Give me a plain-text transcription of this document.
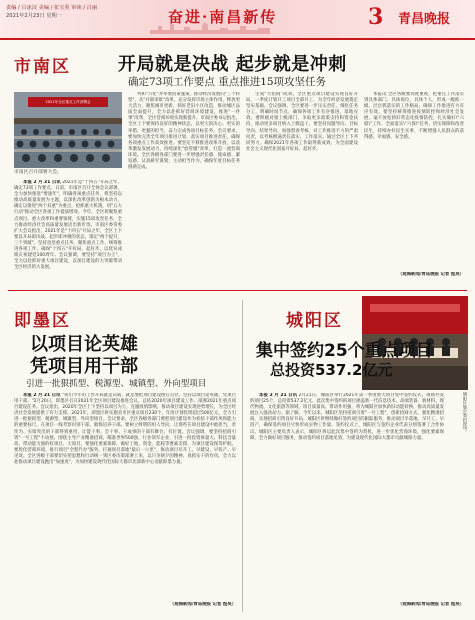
责编 / 吕冰汉 美编 / 张宝英 审读 / 吕丽
2021年2月23日 星期一	奋进·南昌新传	3 青昌晚报
市南区	开局就是决战 起步就是冲刺
确定73项工作要点 重点推进15项攻坚任务
2021年全区重点工作部署会
市南区召开部署大会。

本报 2 月 21 日讯 2021年是"十四五"开局之年，确定73项工作要点，日前，市南区召开全体会议部署，全力加快推进"增速年"，明确各项重点任务，将坚持以推动高质量发展为主题，以深化改革创新为根本动力，确定以推进"两个双重"为重点，抢抓重大机遇，用"五大行动"推动全区各项工作提质增效。今年，全区将聚焦重点项目、重大改革和重要领域，实施15项攻坚任务，全力推动经济社会高质量发展迈出新步伐。市南区委常委扩大会议指出，2021年是"十四五"开局之年，全区上下要以开局即决战、起步即冲刺的状态，锚定"两个提升、三个突破"，坚持攻坚重点任务、聚焦重点工作、统筹推进各项工作，确保"十四五"开好局、起好步，以优异成绩庆祝建党100周年。会议强调，要坚持"项目为王"，全力以赴抓好重大项目建设，以项目建设的大突破带动全区经济的大发展。

列和"六化"并举要因策施策，推动经济发展向"三个转型"，从"并联审批"改革，充分发挥市场主体作用，释放更大活力，聚焦城市更新，抓好老旧小区改造，推动城区品质全面提升，全力以赴抓好营商环境建设，推进"一件事"改革，全区营商环境实现新提升。市南区委书记指出，全区上下要保持良好的精神状态，以更大的决心、更实的举措、更强的担当，奋力完成各项目标任务。会议要求，要加快完善全年项目推进计划，落实项目推进责任，确保各项重点工作高效推进。要坚定不移推进改革开放，以改革激发发展动力，持续深化"放管服"改革，打造一流营商环境。全区各级各部门要进一步增强责任感、使命感、紧迫感，认真研究谋划，主动担当作为，确保年度目标任务圆满完成。

生成"大招商"成效。全区重点项目建设实现良好开局，一季度计划开工项目全部开工，为全年经济发展奠定坚实基础。会议强调，全区要进一步压实责任，细化任务分工，明确时间节点，确保各项工作有序推进、落地见效。要积极对接上级部门，争取更多政策支持和资金扶持，推动更多项目纳入上级盘子。要坚持问题导向、目标导向、结果导向，加强督查考核，对工作推进不力的严肃问责，以考核倒逼责任落实、工作落实。通过全区上下共同努力，确保2021年各项工作取得新成效，为全面建设社会主义现代化国家开好局、起好步。

本报讯 全区各级要高度重视，把重点工作落实到具体部门、具体岗位、具体个人，形成一级抓一级、层层抓落实的工作格局，确保工作推进有力有序有效。要坚持统筹推进疫情防控和经济社会发展，毫不放松抓好常态化疫情防控，扎实做好\"六稳\"工作、全面落实\"六保\"任务，切实保障和改善民生，持续办好民生实事，不断增强人民群众的获得感、幸福感、安全感。

（观海新闻/青岛晚报 记者 程昊）
即墨区
以项目论英雄
凭项目用干部
引进一批狠抓型、税源型、城镇型、外向型项目

本报 2 月 21 日讯 "我们今年的工作开局就是决战，就是要把项目建设摆在首位，坚持以项目论英雄，凭项目用干部。"2月20日，即墨区召开2021年全区项目建设推进会议，总结2020年项目建设工作，部署2021年重点项目建设任务。会议指出，2020年全区上下坚持以项目为王，克服疫情影响，推动项目建设实现逆势增长，为全区经济社会发展提供了有力支撑。2021年，即墨区将实施省市区重点项目230个，年度计划投资超过500亿元，全力引进一批狠抓型、税源型、城镇型、外向型项目。会议要求，全区各级各部门要把项目建设作为检验干部作风和能力的重要标尺，在项目一线考察识别干部、锻炼培养干部。要树立鲜明的用人导向，让那些在项目建设中敢担当、善作为、实绩突出的干部得到重用，让能干事、会干事、干成事的干部有舞台、有位置。会议强调，要坚持招商引资"一号工程"不动摇，围绕主导产业精准招商，瞄准世界500强、行业领军企业，引进一批投资体量大、科技含量高、带动能力强的好项目、大项目。要强化要素保障，做好土地、资金、能耗等要素支撑，为项目建设保驾护航。要优化营商环境，推行项目"全程代办"服务，打通项目落地"最后一公里"，推动项目早开工、早建设、早投产、早见效。全区各级干部要切实把思想和行动统一到区委决策部署上来，以只争朝夕的精神、真抓实干的作风，全力以赴推动项目建设跑出"加速度"，为加快建设现代化国际大都市北部新中心贡献即墨力量。

（观海新闻/青岛晚报 记者 程昊）
城阳区
城阳区集中签约现场。
集中签约25个重点项目
总投资537.2亿元

本报 2 月 21 日讯 2月21日，城阳区举行2021年第一季度重大项目集中签约仪式，现场共签约项目25个，总投资537.2亿元。此次集中签约的项目涵盖新一代信息技术、高端装备、新材料、现代物流、文化旅游等领域，项目质量高、带动作用强，将为城阳区加快新旧动能转换、推动高质量发展注入强劲动力。据了解，今年以来，城阳区坚持招商引资"一号工程"，创新招商方式，强化精准招商，实现招商引资良好开局。城阳区将继续做好签约项目的跟踪服务，推动项目早落地、早开工、早投产，确保签约项目尽快形成实物工作量。签约仪式上，城阳区与签约企业代表分别签署了合作协议。城阳区主要负责人表示，城阳区将以此次集中签约为契机，进一步优化营商环境，强化要素保障，全力做好项目服务，推动签约项目落地见效，为建设现代化国际大都市贡献城阳力量。

（观海新闻/青岛晚报 记者 程昊）
